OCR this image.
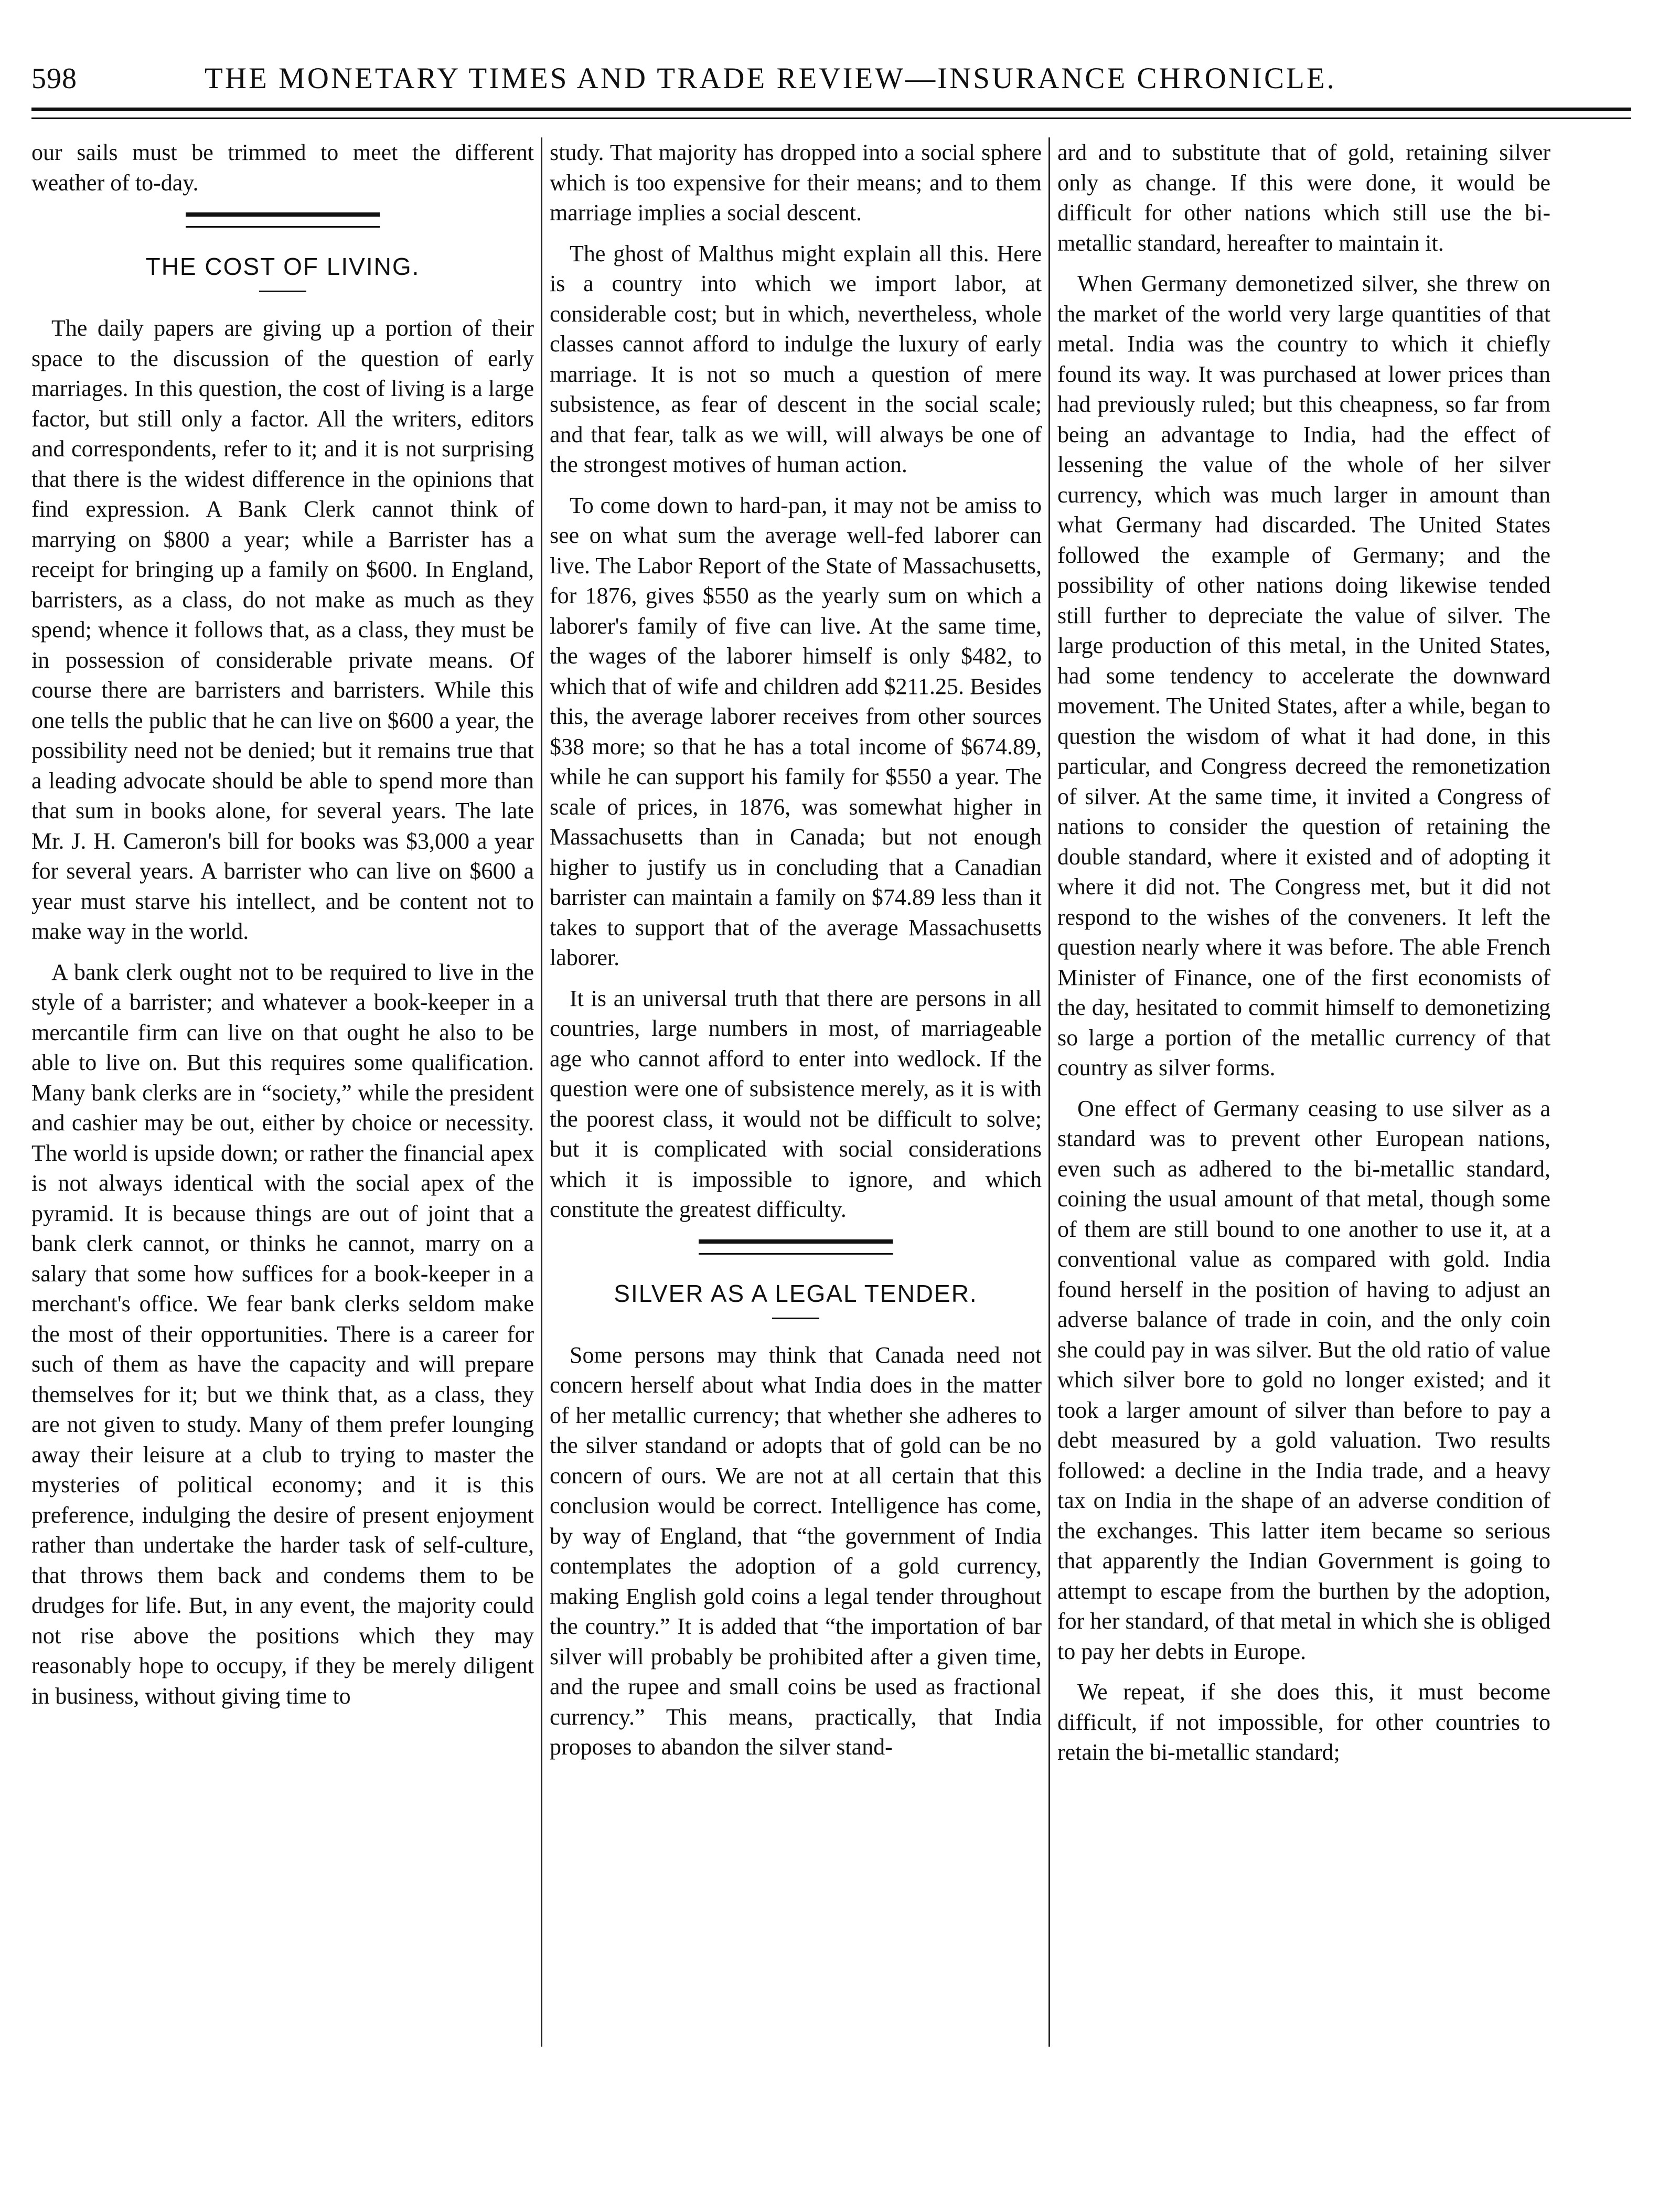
598	THE MONETARY TIMES AND TRADE REVIEW—INSURANCE CHRONICLE.

our sails must be trimmed to meet the different weather of to-day.

THE COST OF LIVING.

The daily papers are giving up a portion of their space to the discussion of the question of early marriages. In this question, the cost of living is a large factor, but still only a factor. All the writers, editors and correspondents, refer to it; and it is not surprising that there is the widest difference in the opinions that find expression. A Bank Clerk cannot think of marrying on $800 a year; while a Barrister has a receipt for bringing up a family on $600. In England, barristers, as a class, do not make as much as they spend; whence it follows that, as a class, they must be in possession of considerable private means. Of course there are barristers and barristers. While this one tells the public that he can live on $600 a year, the possibility need not be denied; but it remains true that a leading advocate should be able to spend more than that sum in books alone, for several years. The late Mr. J. H. Cameron's bill for books was $3,000 a year for several years. A barrister who can live on $600 a year must starve his intellect, and be content not to make way in the world.

A bank clerk ought not to be required to live in the style of a barrister; and whatever a book-keeper in a mercantile firm can live on that ought he also to be able to live on. But this requires some qualification. Many bank clerks are in “society,” while the president and cashier may be out, either by choice or necessity. The world is upside down; or rather the financial apex is not always identical with the social apex of the pyramid. It is because things are out of joint that a bank clerk cannot, or thinks he cannot, marry on a salary that some how suffices for a book-keeper in a merchant's office. We fear bank clerks seldom make the most of their opportunities. There is a career for such of them as have the capacity and will prepare themselves for it; but we think that, as a class, they are not given to study. Many of them prefer lounging away their leisure at a club to trying to master the mysteries of political economy; and it is this preference, indulging the desire of present enjoyment rather than undertake the harder task of self-culture, that throws them back and condems them to be drudges for life. But, in any event, the majority could not rise above the positions which they may reasonably hope to occupy, if they be merely diligent in business, without giving time to

study. That majority has dropped into a social sphere which is too expensive for their means; and to them marriage implies a social descent.

The ghost of Malthus might explain all this. Here is a country into which we import labor, at considerable cost; but in which, nevertheless, whole classes cannot afford to indulge the luxury of early marriage. It is not so much a question of mere subsistence, as fear of descent in the social scale; and that fear, talk as we will, will always be one of the strongest motives of human action.

To come down to hard-pan, it may not be amiss to see on what sum the average well-fed laborer can live. The Labor Report of the State of Massachusetts, for 1876, gives $550 as the yearly sum on which a laborer's family of five can live. At the same time, the wages of the laborer himself is only $482, to which that of wife and children add $211.25. Besides this, the average laborer receives from other sources $38 more; so that he has a total income of $674.89, while he can support his family for $550 a year. The scale of prices, in 1876, was somewhat higher in Massachusetts than in Canada; but not enough higher to justify us in concluding that a Canadian barrister can maintain a family on $74.89 less than it takes to support that of the average Massachusetts laborer.

It is an universal truth that there are persons in all countries, large numbers in most, of marriageable age who cannot afford to enter into wedlock. If the question were one of subsistence merely, as it is with the poorest class, it would not be difficult to solve; but it is complicated with social considerations which it is impossible to ignore, and which constitute the greatest difficulty.

SILVER AS A LEGAL TENDER.

Some persons may think that Canada need not concern herself about what India does in the matter of her metallic currency; that whether she adheres to the silver standand or adopts that of gold can be no concern of ours. We are not at all certain that this conclusion would be correct. Intelligence has come, by way of England, that “the government of India contemplates the adoption of a gold currency, making English gold coins a legal tender throughout the country.” It is added that “the importation of bar silver will probably be prohibited after a given time, and the rupee and small coins be used as fractional currency.” This means, practically, that India proposes to abandon the silver stand-

ard and to substitute that of gold, retaining silver only as change. If this were done, it would be difficult for other nations which still use the bi-metallic standard, hereafter to maintain it.

When Germany demonetized silver, she threw on the market of the world very large quantities of that metal. India was the country to which it chiefly found its way. It was purchased at lower prices than had previously ruled; but this cheapness, so far from being an advantage to India, had the effect of lessening the value of the whole of her silver currency, which was much larger in amount than what Germany had discarded. The United States followed the example of Germany; and the possibility of other nations doing likewise tended still further to depreciate the value of silver. The large production of this metal, in the United States, had some tendency to accelerate the downward movement. The United States, after a while, began to question the wisdom of what it had done, in this particular, and Congress decreed the remonetization of silver. At the same time, it invited a Congress of nations to consider the question of retaining the double standard, where it existed and of adopting it where it did not. The Congress met, but it did not respond to the wishes of the conveners. It left the question nearly where it was before. The able French Minister of Finance, one of the first economists of the day, hesitated to commit himself to demonetizing so large a portion of the metallic currency of that country as silver forms.

One effect of Germany ceasing to use silver as a standard was to prevent other European nations, even such as adhered to the bi-metallic standard, coining the usual amount of that metal, though some of them are still bound to one another to use it, at a conventional value as compared with gold. India found herself in the position of having to adjust an adverse balance of trade in coin, and the only coin she could pay in was silver. But the old ratio of value which silver bore to gold no longer existed; and it took a larger amount of silver than before to pay a debt measured by a gold valuation. Two results followed: a decline in the India trade, and a heavy tax on India in the shape of an adverse condition of the exchanges. This latter item became so serious that apparently the Indian Government is going to attempt to escape from the burthen by the adoption, for her standard, of that metal in which she is obliged to pay her debts in Europe.

We repeat, if she does this, it must become difficult, if not impossible, for other countries to retain the bi-metallic standard;
